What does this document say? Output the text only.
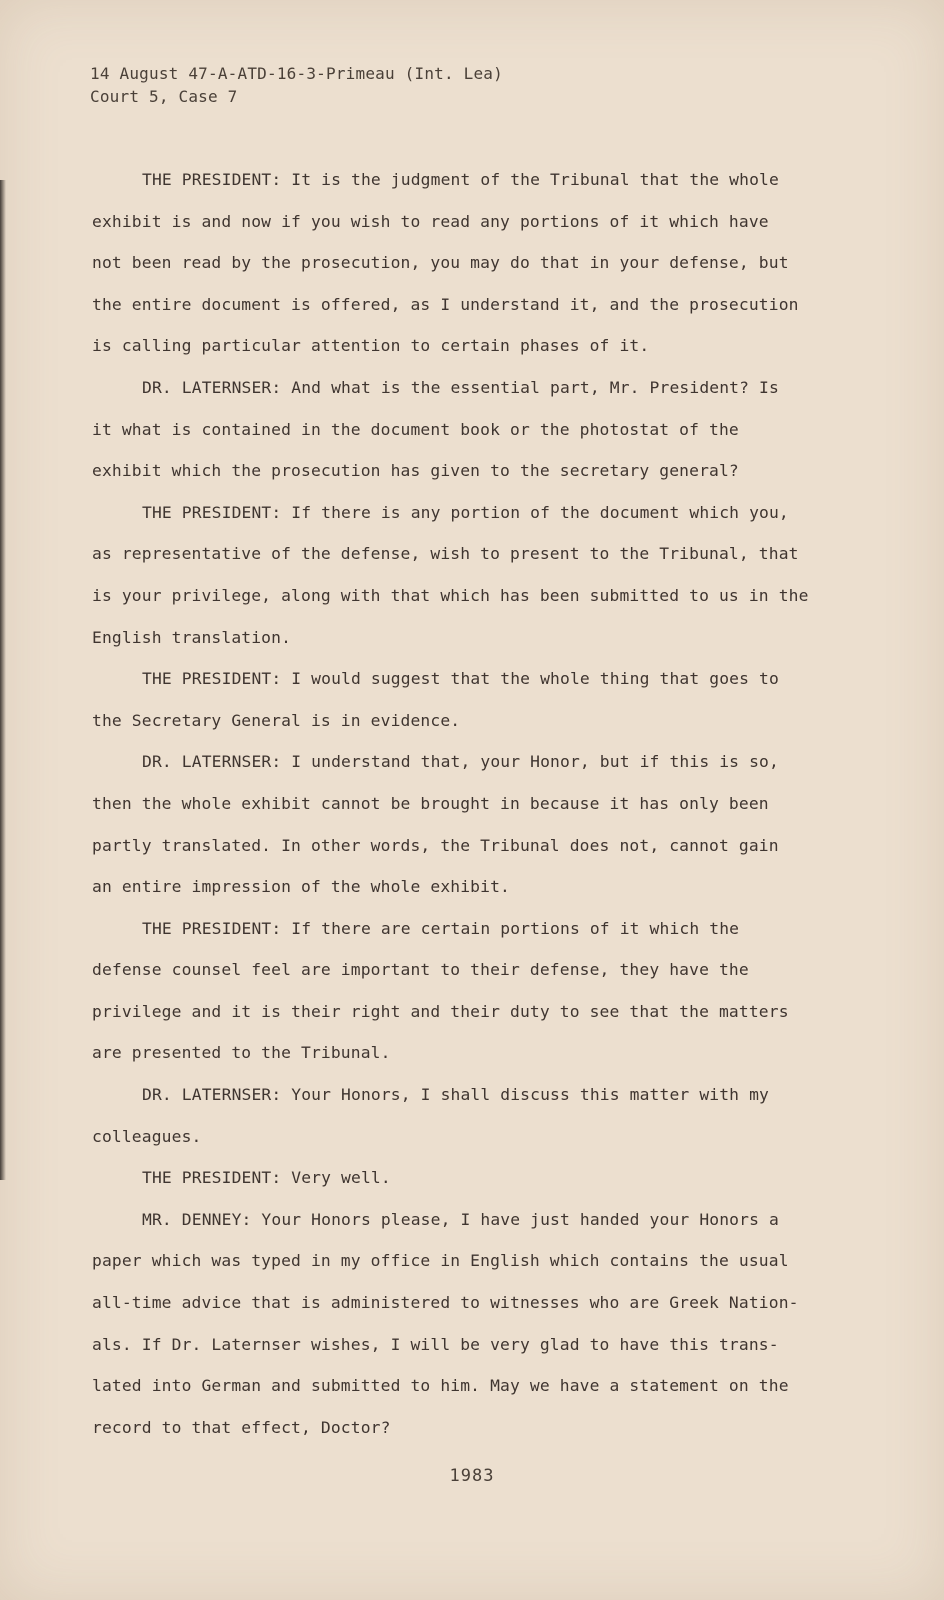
14 August 47-A-ATD-16-3-Primeau (Int. Lea)
Court 5, Case 7
THE PRESIDENT: It is the judgment of the Tribunal that the whole
exhibit is and now if you wish to read any portions of it which have
not been read by the prosecution, you may do that in your defense, but
the entire document is offered, as I understand it, and the prosecution
is calling particular attention to certain phases of it.
DR. LATERNSER: And what is the essential part, Mr. President? Is
it what is contained in the document book or the photostat of the
exhibit which the prosecution has given to the secretary general?
THE PRESIDENT: If there is any portion of the document which you,
as representative of the defense, wish to present to the Tribunal, that
is your privilege, along with that which has been submitted to us in the
English translation.
THE PRESIDENT: I would suggest that the whole thing that goes to
the Secretary General is in evidence.
DR. LATERNSER: I understand that, your Honor, but if this is so,
then the whole exhibit cannot be brought in because it has only been
partly translated. In other words, the Tribunal does not, cannot gain
an entire impression of the whole exhibit.
THE PRESIDENT: If there are certain portions of it which the
defense counsel feel are important to their defense, they have the
privilege and it is their right and their duty to see that the matters
are presented to the Tribunal.
DR. LATERNSER: Your Honors, I shall discuss this matter with my
colleagues.
THE PRESIDENT: Very well.
MR. DENNEY: Your Honors please, I have just handed your Honors a
paper which was typed in my office in English which contains the usual
all-time advice that is administered to witnesses who are Greek Nation-
als. If Dr. Laternser wishes, I will be very glad to have this trans-
lated into German and submitted to him. May we have a statement on the
record to that effect, Doctor?
1983
